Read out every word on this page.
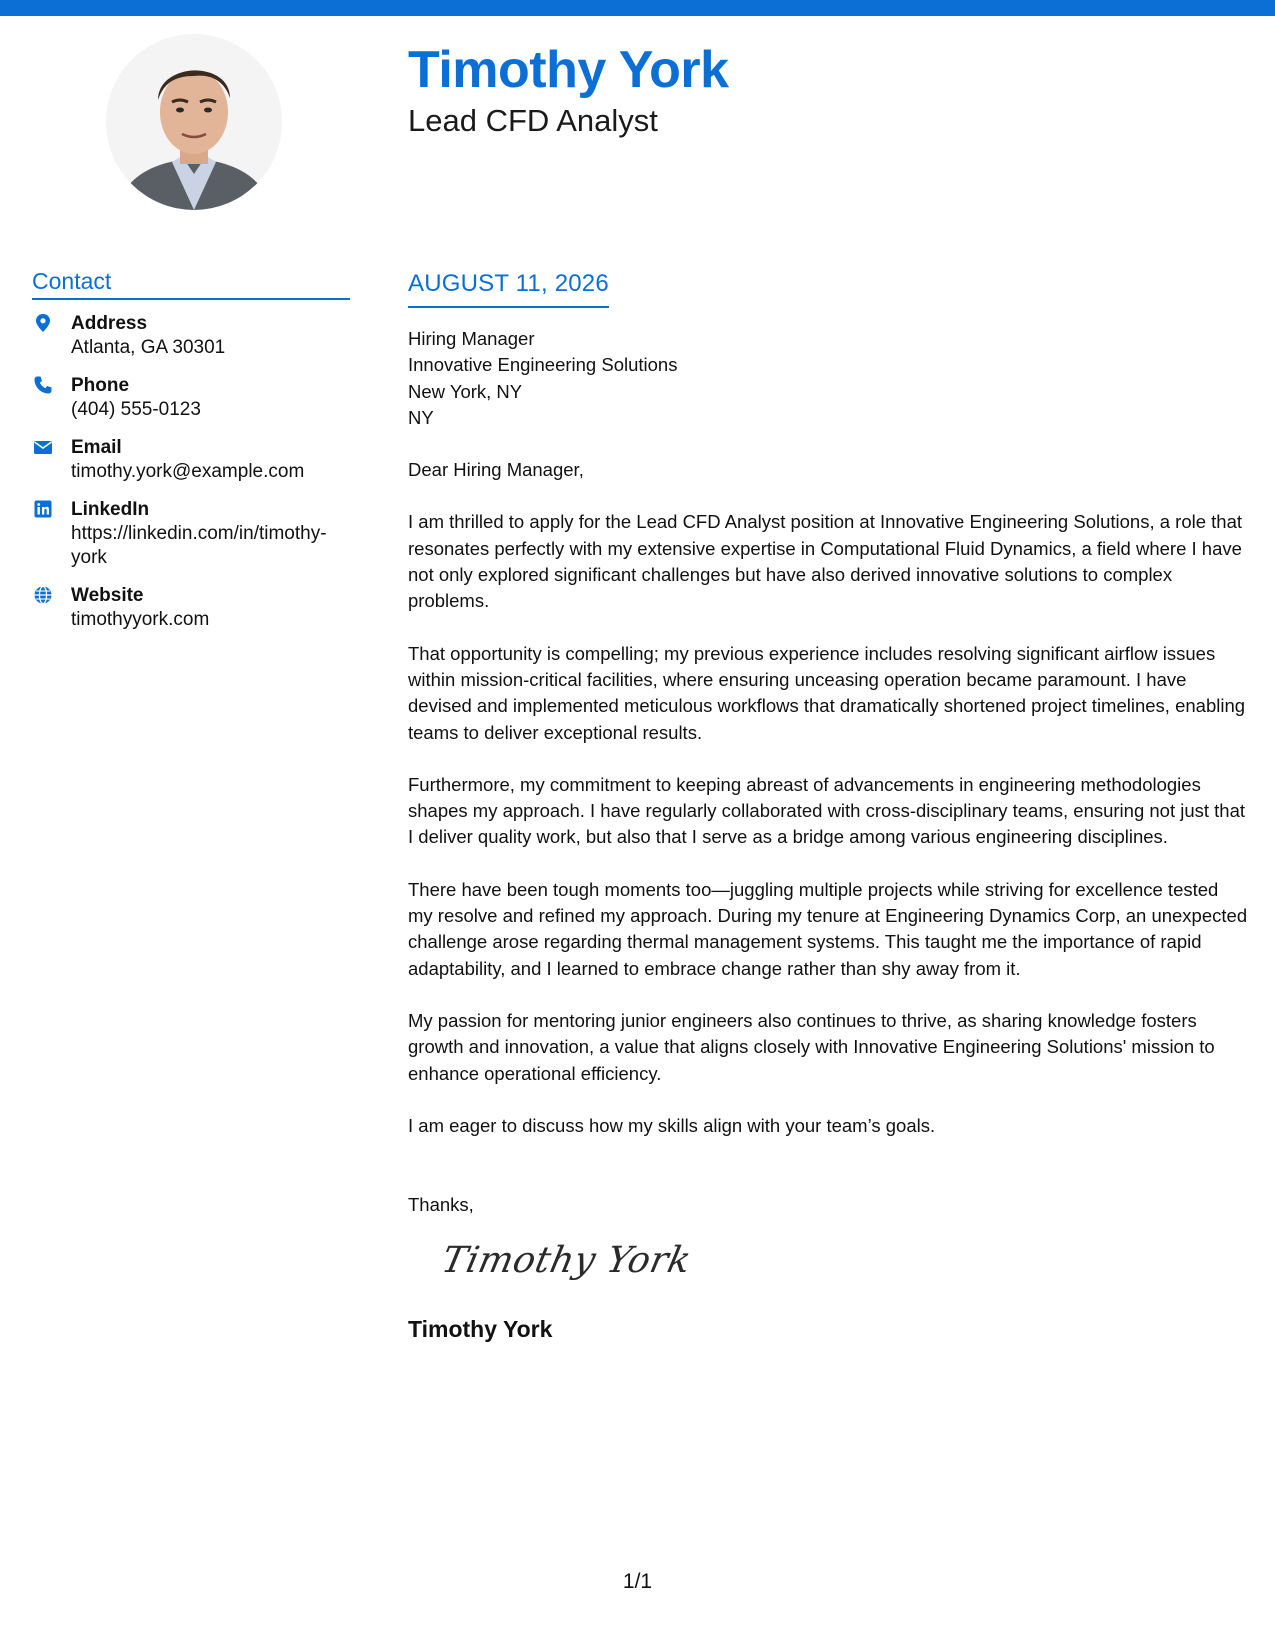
Timothy York
Lead CFD Analyst
Contact
Address
Atlanta, GA 30301
Phone
(404) 555-0123
Email
timothy.york@example.com
LinkedIn
https://linkedin.com/in/timothy-york
Website
timothyyork.com
AUGUST 11, 2026
Hiring Manager
Innovative Engineering Solutions
New York, NY
NY
Dear Hiring Manager,
I am thrilled to apply for the Lead CFD Analyst position at Innovative Engineering Solutions, a role that resonates perfectly with my extensive expertise in Computational Fluid Dynamics, a field where I have not only explored significant challenges but have also derived innovative solutions to complex problems.
That opportunity is compelling; my previous experience includes resolving significant airflow issues within mission-critical facilities, where ensuring unceasing operation became paramount. I have devised and implemented meticulous workflows that dramatically shortened project timelines, enabling teams to deliver exceptional results.
Furthermore, my commitment to keeping abreast of advancements in engineering methodologies shapes my approach. I have regularly collaborated with cross-disciplinary teams, ensuring not just that I deliver quality work, but also that I serve as a bridge among various engineering disciplines.
There have been tough moments too—juggling multiple projects while striving for excellence tested my resolve and refined my approach. During my tenure at Engineering Dynamics Corp, an unexpected challenge arose regarding thermal management systems. This taught me the importance of rapid adaptability, and I learned to embrace change rather than shy away from it.
My passion for mentoring junior engineers also continues to thrive, as sharing knowledge fosters growth and innovation, a value that aligns closely with Innovative Engineering Solutions' mission to enhance operational efficiency.
I am eager to discuss how my skills align with your team’s goals.
Thanks,
Timothy York
Timothy York
1/1
